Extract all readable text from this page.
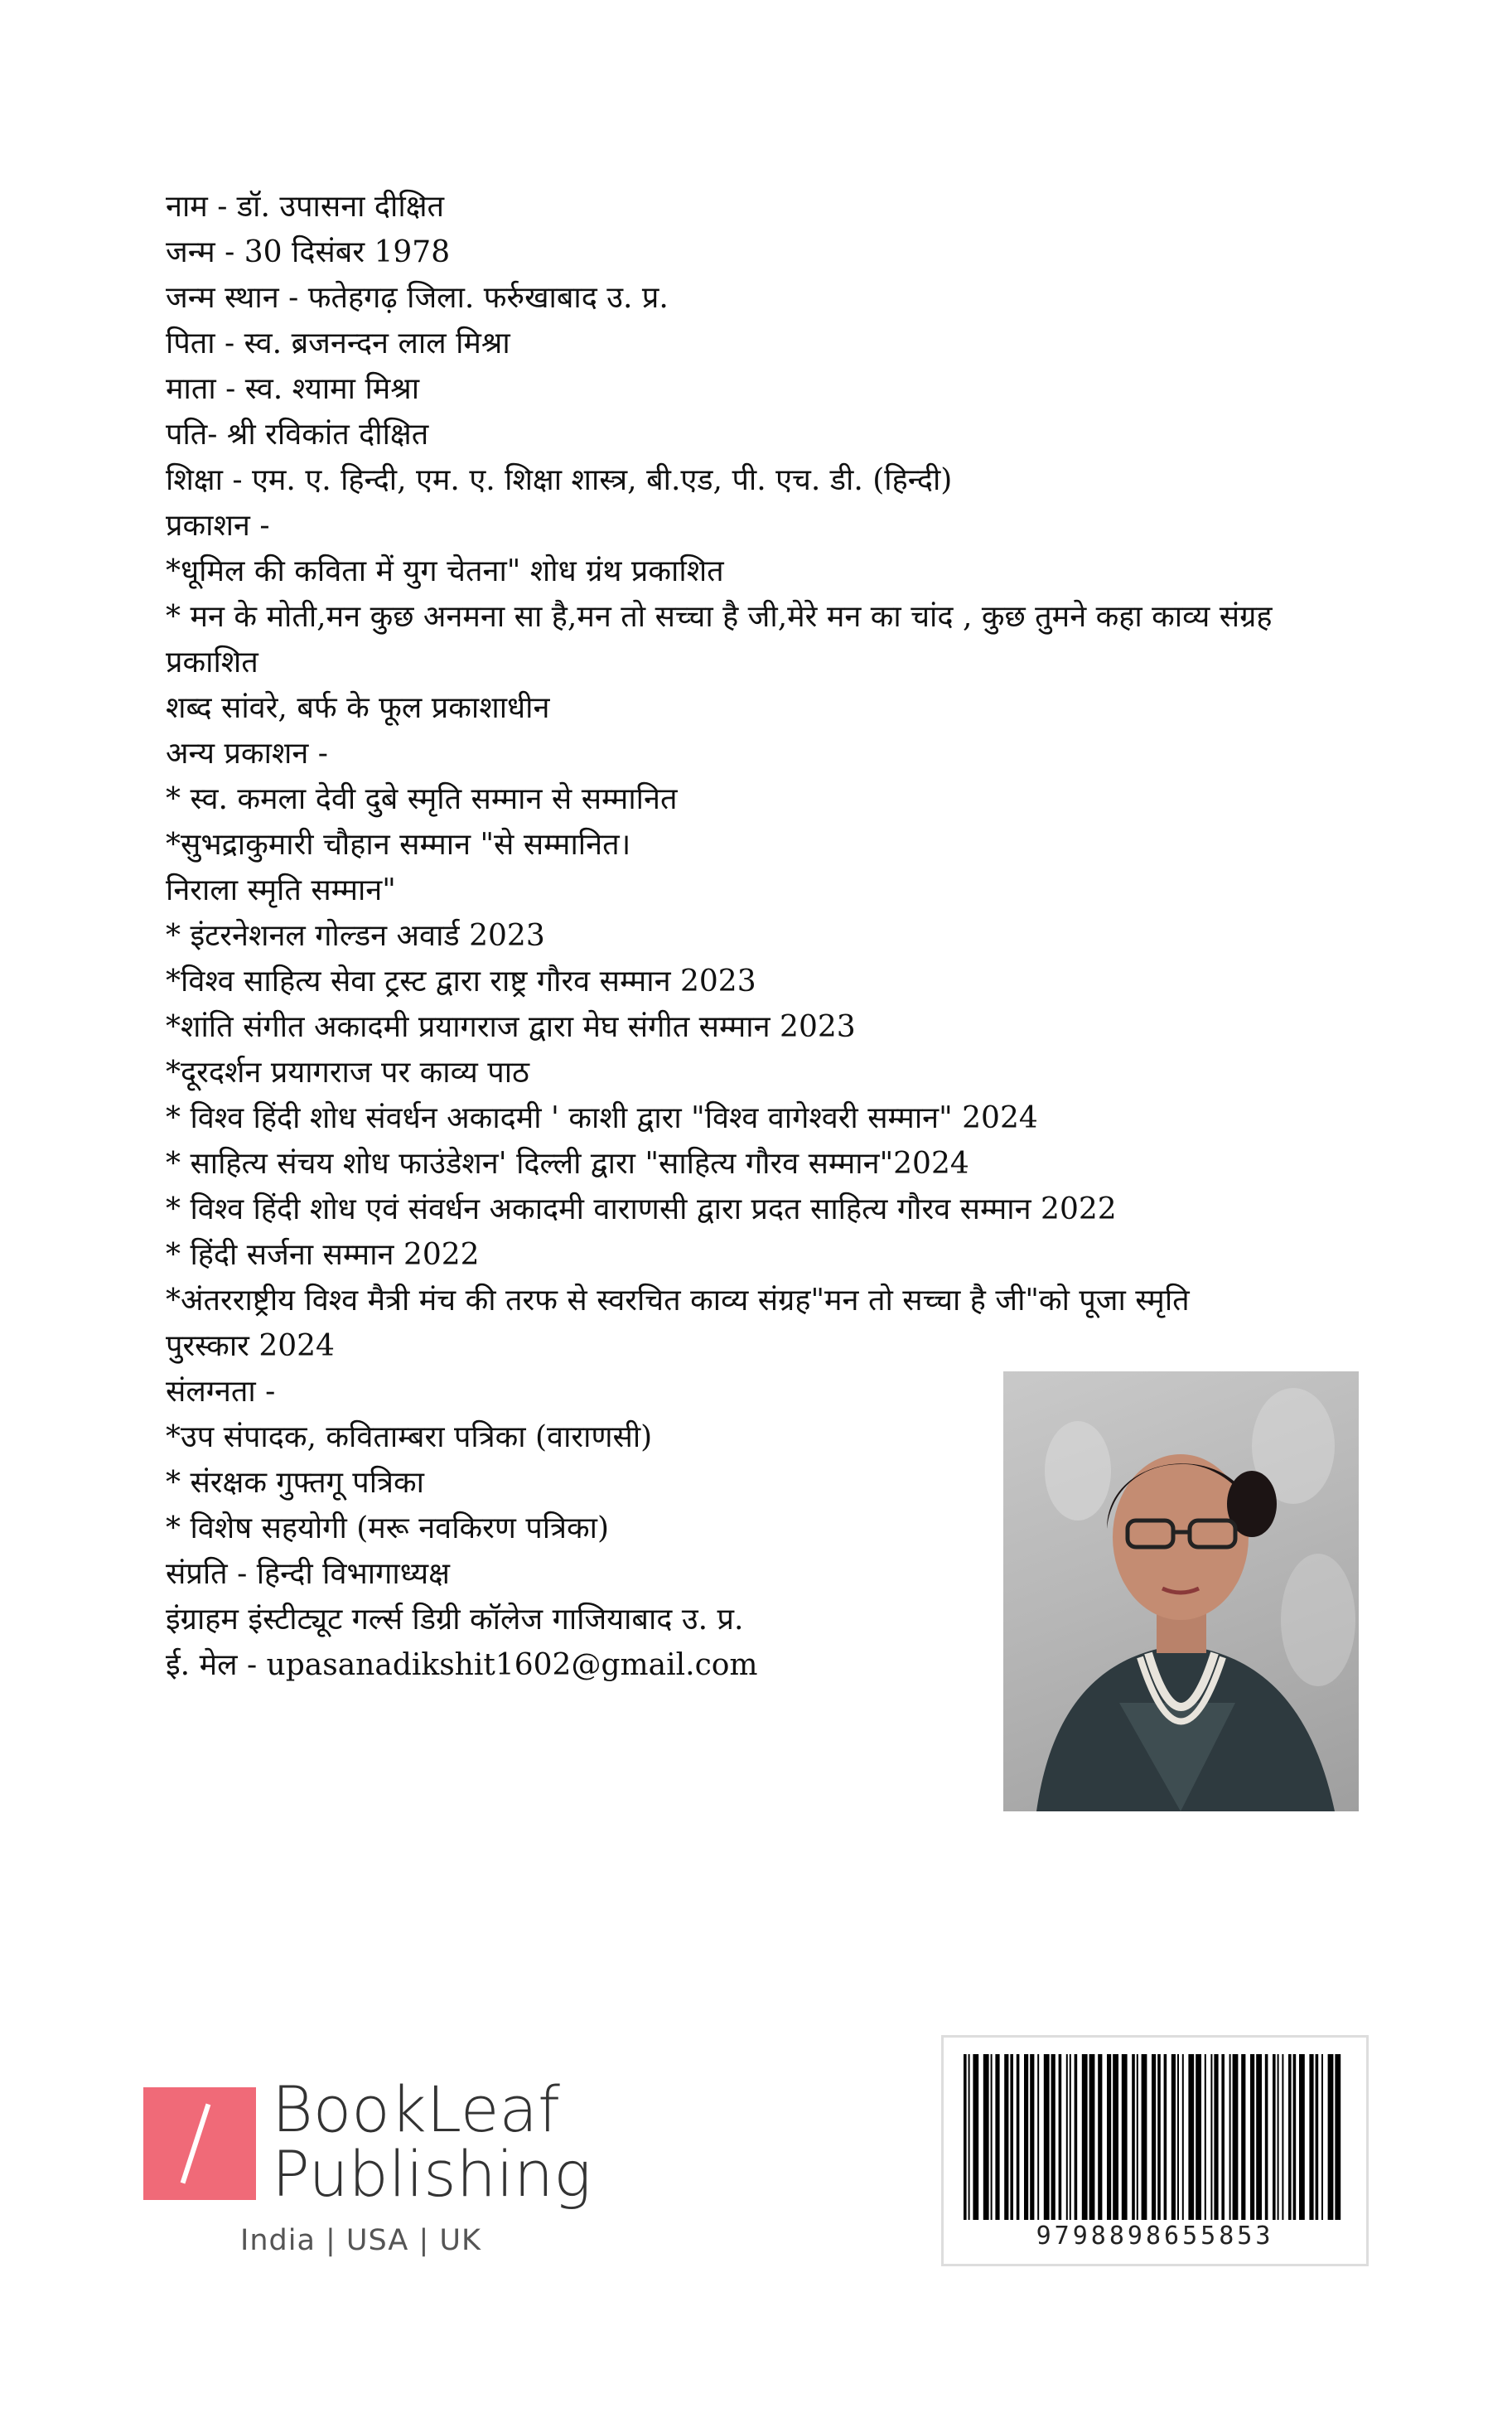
नाम - डॉ. उपासना दीक्षित
जन्म - 30 दिसंबर 1978
जन्म स्थान - फतेहगढ़ जिला. फर्रुखाबाद उ. प्र.
पिता - स्व. ब्रजनन्दन लाल मिश्रा
माता - स्व. श्यामा मिश्रा
पति- श्री रविकांत दीक्षित
शिक्षा - एम. ए. हिन्दी, एम. ए. शिक्षा शास्त्र, बी.एड, पी. एच. डी. (हिन्दी)
प्रकाशन -
*धूमिल की कविता में युग चेतना" शोध ग्रंथ प्रकाशित
* मन के मोती,मन कुछ अनमना सा है,मन तो सच्चा है जी,मेरे मन का चांद , कुछ तुमने कहा काव्य संग्रह
प्रकाशित
शब्द सांवरे, बर्फ के फूल प्रकाशाधीन
अन्य प्रकाशन -
* स्व. कमला देवी दुबे स्मृति सम्मान से सम्मानित
*सुभद्राकुमारी चौहान सम्मान "से सम्मानित।
निराला स्मृति सम्मान"
* इंटरनेशनल गोल्डन अवार्ड 2023
*विश्व साहित्य सेवा ट्रस्ट द्वारा राष्ट्र गौरव सम्मान 2023
*शांति संगीत अकादमी प्रयागराज द्वारा मेघ संगीत सम्मान 2023
*दूरदर्शन प्रयागराज पर काव्य पाठ
* विश्व हिंदी शोध संवर्धन अकादमी ' काशी द्वारा "विश्व वागेश्वरी सम्मान" 2024
* साहित्य संचय शोध फाउंडेशन' दिल्ली द्वारा "साहित्य गौरव सम्मान"2024
* विश्व हिंदी शोध एवं संवर्धन अकादमी वाराणसी द्वारा प्रदत साहित्य गौरव सम्मान 2022
* हिंदी सर्जना सम्मान 2022
*अंतरराष्ट्रीय विश्व मैत्री मंच की तरफ से स्वरचित काव्य संग्रह"मन तो सच्चा है जी"को पूजा स्मृति
पुरस्कार 2024
संलग्नता -
*उप संपादक, कविताम्बरा पत्रिका (वाराणसी)
* संरक्षक गुफ्तगू पत्रिका
* विशेष सहयोगी (मरू नवकिरण पत्रिका)
संप्रति - हिन्दी विभागाध्यक्ष
इंग्राहम इंस्टीट्यूट गर्ल्स डिग्री कॉलेज गाजियाबाद उ. प्र.
ई. मेल - upasanadikshit1602@gmail.com
BookLeaf
Publishing
India | USA | UK	9798898655853
